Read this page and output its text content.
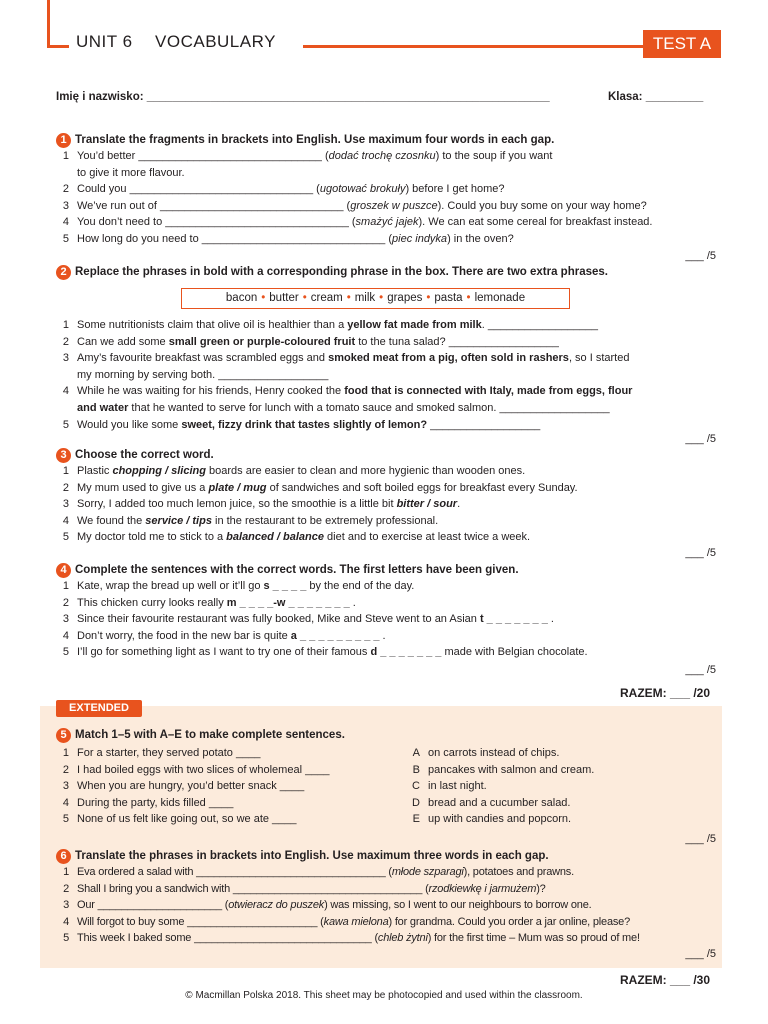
UNIT 6 VOCABULARY	TEST A
Imię i nazwisko: _______________________________________________________________	Klasa: _________
1 Translate the fragments in brackets into English. Use maximum four words in each gap.
1 You’d better ______________________________ (dodać trochę czosnku) to the soup if you want
to give it more flavour.
2 Could you ______________________________ (ugotować brokuły) before I get home?
3 We’ve run out of ______________________________ (groszek w puszce). Could you buy some on your way home?
4 You don’t need to ______________________________ (smażyć jajek). We can eat some cereal for breakfast instead.
5 How long do you need to ______________________________ (piec indyka) in the oven?
___ /5
2 Replace the phrases in bold with a corresponding phrase in the box. There are two extra phrases.
bacon • butter • cream • milk • grapes • pasta • lemonade
1 Some nutritionists claim that olive oil is healthier than a yellow fat made from milk. __________________
2 Can we add some small green or purple-coloured fruit to the tuna salad? __________________
3 Amy’s favourite breakfast was scrambled eggs and smoked meat from a pig, often sold in rashers, so I started
my morning by serving both. __________________
4 While he was waiting for his friends, Henry cooked the food that is connected with Italy, made from eggs, flour
and water that he wanted to serve for lunch with a tomato sauce and smoked salmon. __________________
5 Would you like some sweet, fizzy drink that tastes slightly of lemon? __________________
___ /5
3 Choose the correct word.
1 Plastic chopping / slicing boards are easier to clean and more hygienic than wooden ones.
2 My mum used to give us a plate / mug of sandwiches and soft boiled eggs for breakfast every Sunday.
3 Sorry, I added too much lemon juice, so the smoothie is a little bit bitter / sour.
4 We found the service / tips in the restaurant to be extremely professional.
5 My doctor told me to stick to a balanced / balance diet and to exercise at least twice a week.
___ /5
4 Complete the sentences with the correct words. The first letters have been given.
1 Kate, wrap the bread up well or it’ll go s _ _ _ _ by the end of the day.
2 This chicken curry looks really m _ _ _ _-w _ _ _ _ _ _ _ .
3 Since their favourite restaurant was fully booked, Mike and Steve went to an Asian t _ _ _ _ _ _ _ .
4 Don’t worry, the food in the new bar is quite a _ _ _ _ _ _ _ _ _ .
5 I’ll go for something light as I want to try one of their famous d _ _ _ _ _ _ _ made with Belgian chocolate.
___ /5
RAZEM: ___ /20
EXTENDED
5 Match 1–5 with A–E to make complete sentences.
1 For a starter, they served potato ____
2 I had boiled eggs with two slices of wholemeal ____
3 When you are hungry, you’d better snack ____
4 During the party, kids filled ____
5 None of us felt like going out, so we ate ____
A on carrots instead of chips.
B pancakes with salmon and cream.
C in last night.
D bread and a cucumber salad.
E up with candies and popcorn.
___ /5
6 Translate the phrases in brackets into English. Use maximum three words in each gap.
1 Eva ordered a salad with ________________________________ (młode szparagi), potatoes and prawns.
2 Shall I bring you a sandwich with ________________________________ (rzodkiewkę i jarmużem)?
3 Our _____________________ (otwieracz do puszek) was missing, so I went to our neighbours to borrow one.
4 Will forgot to buy some ______________________ (kawa mielona) for grandma. Could you order a jar online, please?
5 This week I baked some ______________________________ (chleb żytni) for the first time – Mum was so proud of me!
___ /5
RAZEM: ___ /30
© Macmillan Polska 2018. This sheet may be photocopied and used within the classroom.
